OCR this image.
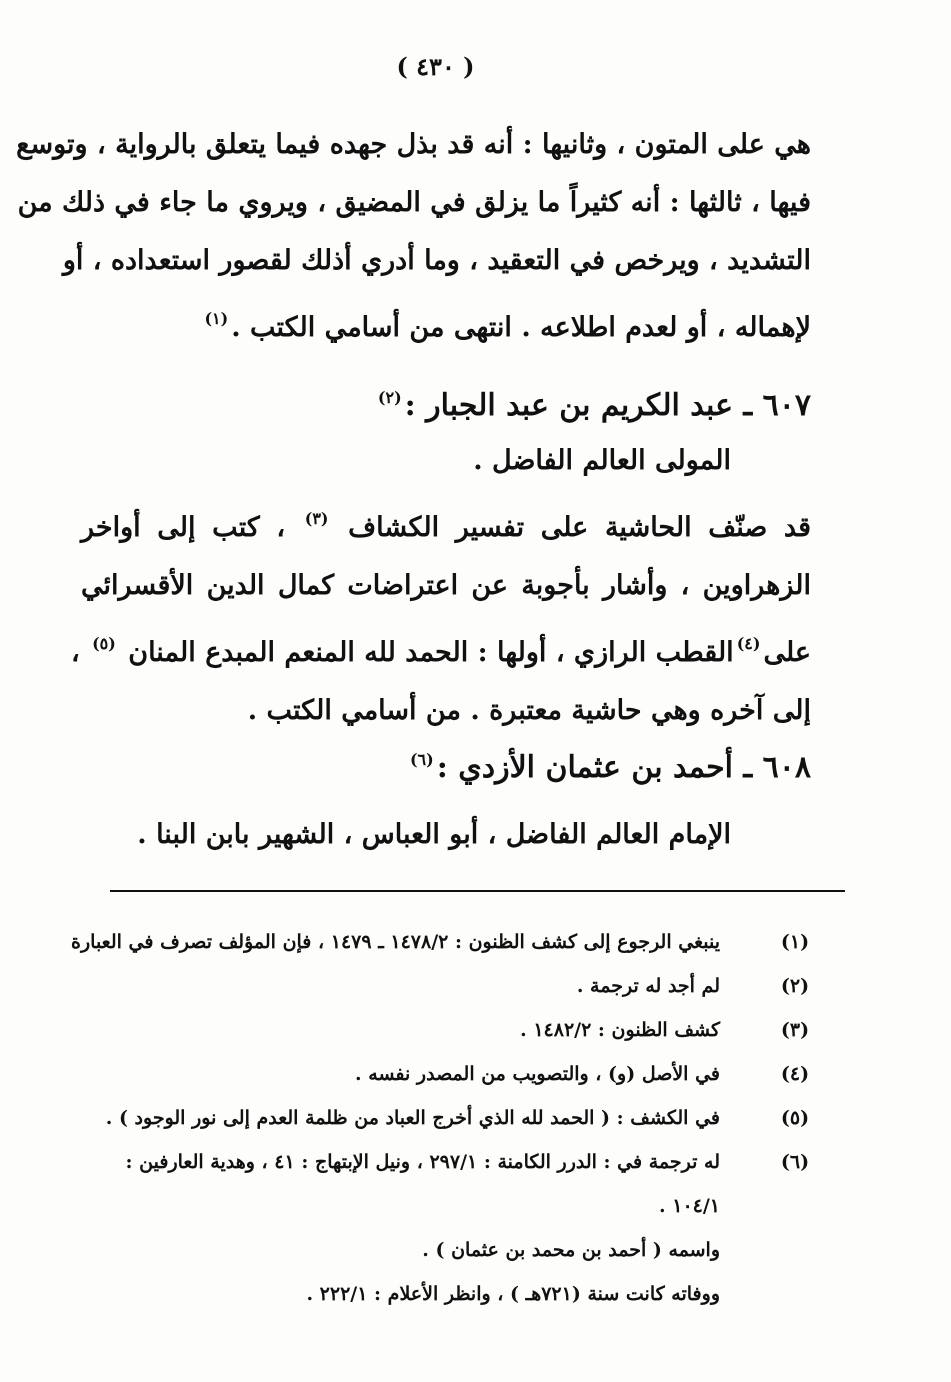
( ٤٣٠ )
هي على المتون ، وثانيها : أنه قد بذل جهده فيما يتعلق بالرواية ، وتوسع
فيها ، ثالثها : أنه كثيراً ما يزلق في المضيق ، ويروي ما جاء في ذلك من
التشديد ، ويرخص في التعقيد ، وما أدري أذلك لقصور استعداده ، أو
لإهماله ، أو لعدم اطلاعه . انتهى من أسامي الكتب .$^{(١)}$
٦٠٧ ـ عبد الكريم بن عبد الجبار :$^{(٢)}$
المولى العالم الفاضل .
قد صنّف الحاشية على تفسير الكشاف $^{(٣)}$ ، كتب إلى أواخر
الزهراوين ، وأشار بأجوبة عن اعتراضات كمال الدين الأقسرائي
على$^{(٤)}$القطب الرازي ، أولها : الحمد لله المنعم المبدع المنان $^{(٥)}$ ،
إلى آخره وهي حاشية معتبرة . من أسامي الكتب .
٦٠٨ ـ أحمد بن عثمان الأزدي :$^{(٦)}$
الإمام العالم الفاضل ، أبو العباس ، الشهير بابن البنا .
(١)
ينبغي الرجوع إلى كشف الظنون : ١٤٧٨/٢ ـ ١٤٧٩ ، فإن المؤلف تصرف في العبارة
(٢)
لم أجد له ترجمة .
(٣)
كشف الظنون : ١٤٨٢/٢ .
(٤)
في الأصل (و) ، والتصويب من المصدر نفسه .
(٥)
في الكشف : ( الحمد لله الذي أخرج العباد من ظلمة العدم إلى نور الوجود ) .
(٦)
له ترجمة في : الدرر الكامنة : ٢٩٧/١ ، ونيل الإبتهاج : ٤١ ، وهدية العارفين :
١٠٤/١ .
واسمه ( أحمد بن محمد بن عثمان ) .
ووفاته كانت سنة (٧٢١هـ ) ، وانظر الأعلام : ٢٢٢/١ .
